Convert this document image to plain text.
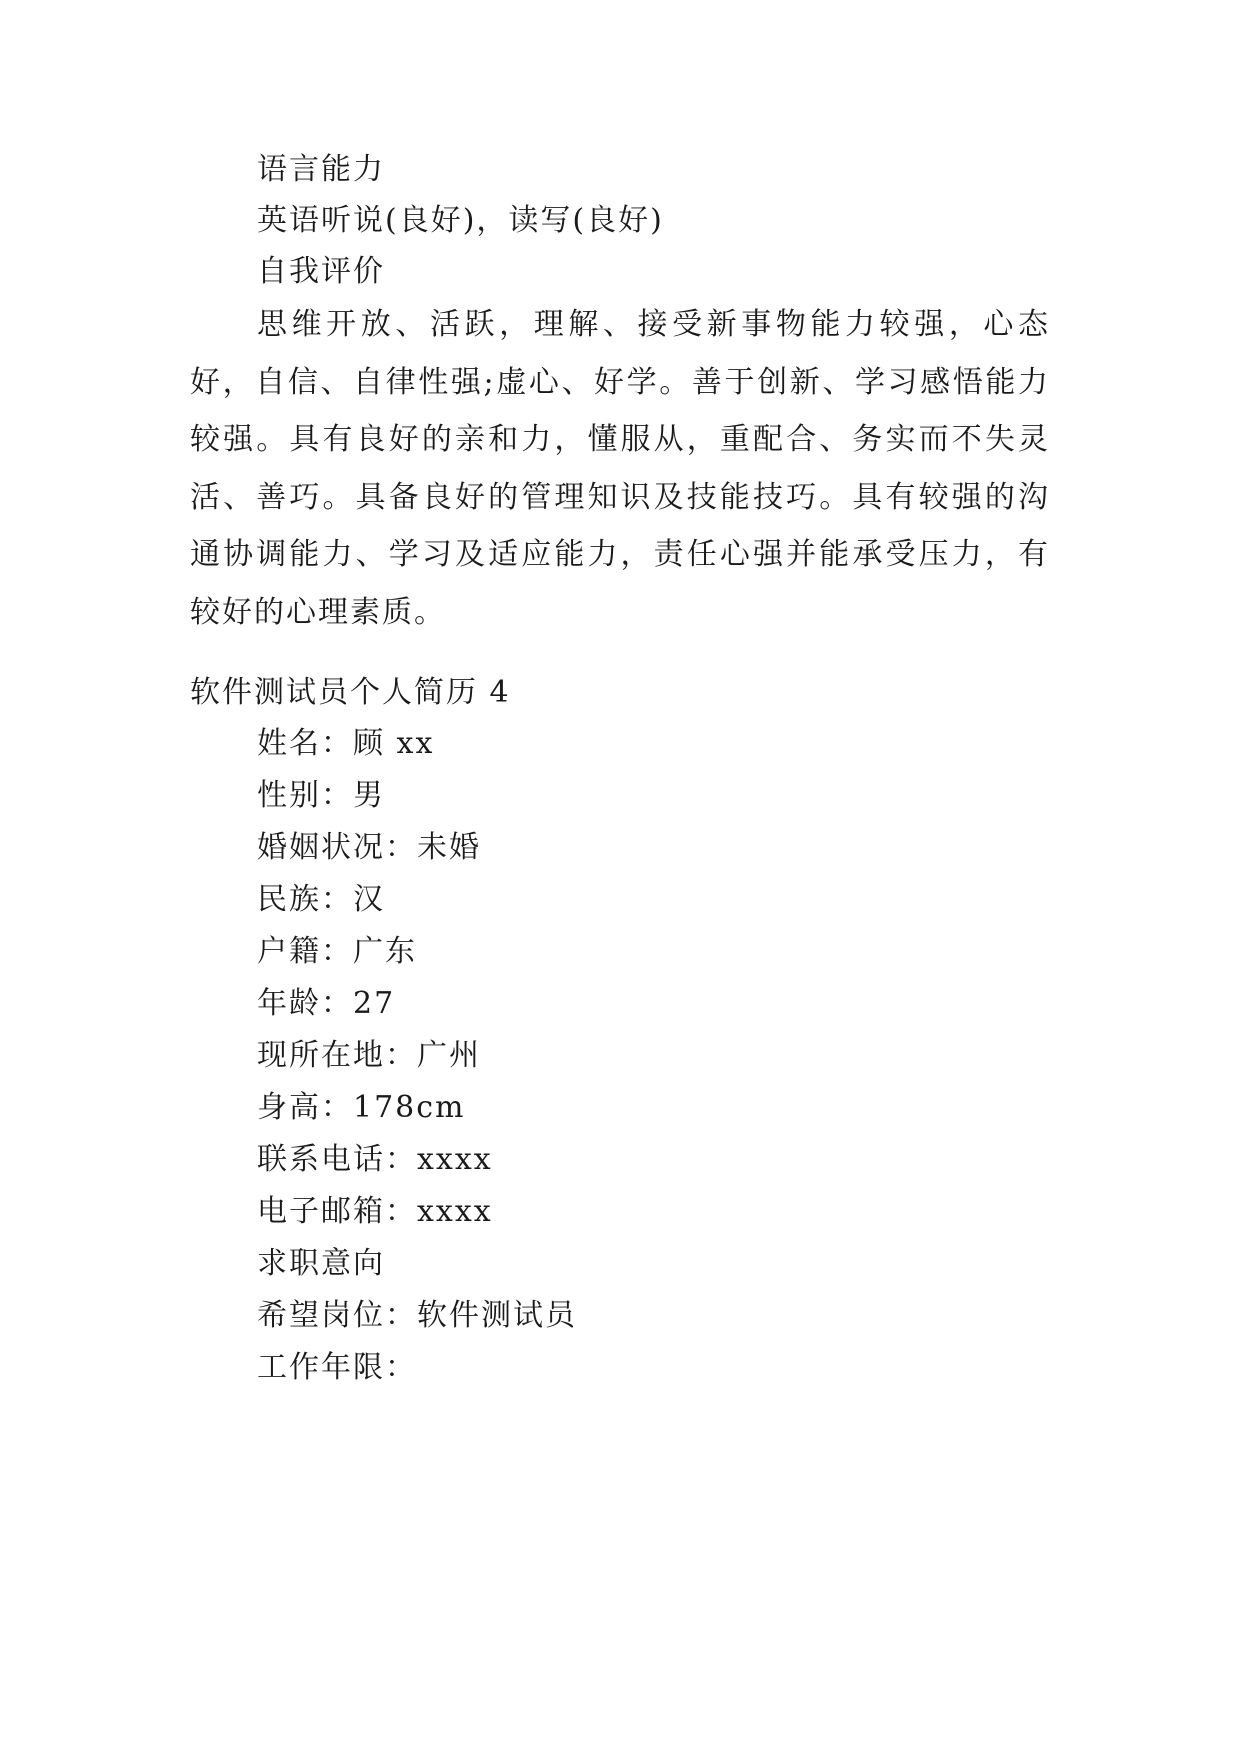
语言能力
英语听说(良好)，读写(良好)
自我评价
思维开放、活跃，理解、接受新事物能力较强，心态好，自信、自律性强;虚心、好学。善于创新、学习感悟能力较强。具有良好的亲和力，懂服从，重配合、务实而不失灵活、善巧。具备良好的管理知识及技能技巧。具有较强的沟通协调能力、学习及适应能力，责任心强并能承受压力，有较好的心理素质。
软件测试员个人简历 4
姓名：顾 xx
性别：男
婚姻状况：未婚
民族：汉
户籍：广东
年龄：27
现所在地：广州
身高：178cm
联系电话：xxxx
电子邮箱：xxxx
求职意向
希望岗位：软件测试员
工作年限：
